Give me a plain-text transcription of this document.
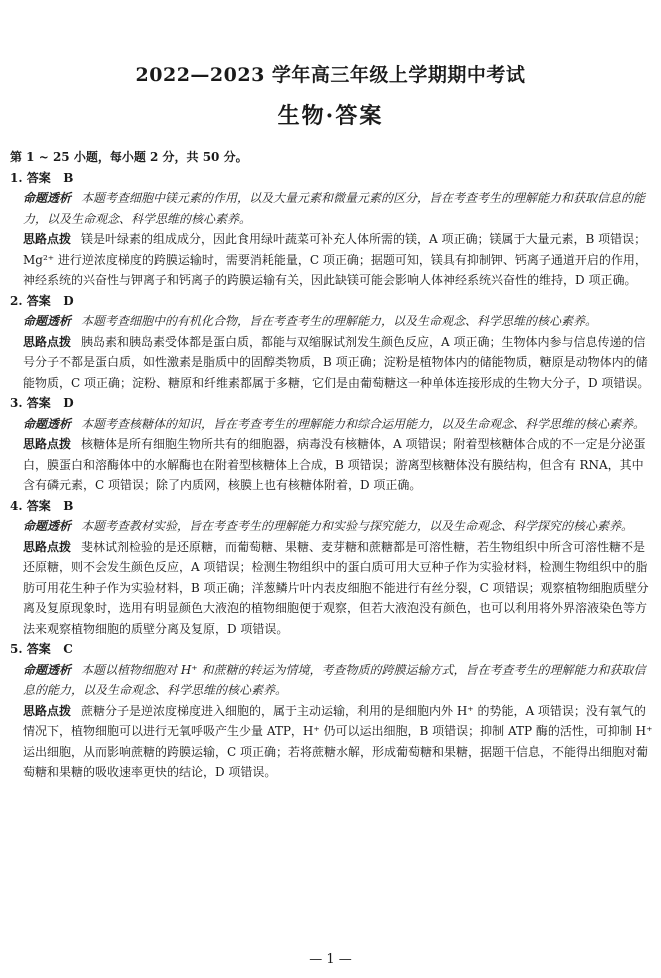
2022—2023 学年高三年级上学期期中考试
生物·答案

第 1 ~ 25 小题，每小题 2 分，共 50 分。

1. 答案 B

命题透析 本题考查细胞中镁元素的作用，以及大量元素和微量元素的区分，旨在考查考生的理解能力和获取信息的能力，以及生命观念、科学思维的核心素养。

思路点拨 镁是叶绿素的组成成分，因此食用绿叶蔬菜可补充人体所需的镁，A 项正确；镁属于大量元素，B 项错误；Mg²⁺ 进行逆浓度梯度的跨膜运输时，需要消耗能量，C 项正确；据题可知，镁具有抑制钾、钙离子通道开启的作用，神经系统的兴奋性与钾离子和钙离子的跨膜运输有关，因此缺镁可能会影响人体神经系统兴奋性的维持，D 项正确。

2. 答案 D

命题透析 本题考查细胞中的有机化合物，旨在考查考生的理解能力，以及生命观念、科学思维的核心素养。

思路点拨 胰岛素和胰岛素受体都是蛋白质，都能与双缩脲试剂发生颜色反应，A 项正确；生物体内参与信息传递的信号分子不都是蛋白质，如性激素是脂质中的固醇类物质，B 项正确；淀粉是植物体内的储能物质，糖原是动物体内的储能物质，C 项正确；淀粉、糖原和纤维素都属于多糖，它们是由葡萄糖这一种单体连接形成的生物大分子，D 项错误。

3. 答案 D

命题透析 本题考查核糖体的知识，旨在考查考生的理解能力和综合运用能力，以及生命观念、科学思维的核心素养。

思路点拨 核糖体是所有细胞生物所共有的细胞器，病毒没有核糖体，A 项错误；附着型核糖体合成的不一定是分泌蛋白，膜蛋白和溶酶体中的水解酶也在附着型核糖体上合成，B 项错误；游离型核糖体没有膜结构，但含有 RNA，其中含有磷元素，C 项错误；除了内质网，核膜上也有核糖体附着，D 项正确。

4. 答案 B

命题透析 本题考查教材实验，旨在考查考生的理解能力和实验与探究能力，以及生命观念、科学探究的核心素养。

思路点拨 斐林试剂检验的是还原糖，而葡萄糖、果糖、麦芽糖和蔗糖都是可溶性糖，若生物组织中所含可溶性糖不是还原糖，则不会发生颜色反应，A 项错误；检测生物组织中的蛋白质可用大豆种子作为实验材料，检测生物组织中的脂肪可用花生种子作为实验材料，B 项正确；洋葱鳞片叶内表皮细胞不能进行有丝分裂，C 项错误；观察植物细胞质壁分离及复原现象时，选用有明显颜色大液泡的植物细胞便于观察，但若大液泡没有颜色，也可以利用将外界溶液染色等方法来观察植物细胞的质壁分离及复原，D 项错误。

5. 答案 C

命题透析 本题以植物细胞对 H⁺ 和蔗糖的转运为情境，考查物质的跨膜运输方式，旨在考查考生的理解能力和获取信息的能力，以及生命观念、科学思维的核心素养。

思路点拨 蔗糖分子是逆浓度梯度进入细胞的，属于主动运输，利用的是细胞内外 H⁺ 的势能，A 项错误；没有氧气的情况下，植物细胞可以进行无氧呼吸产生少量 ATP，H⁺ 仍可以运出细胞，B 项错误；抑制 ATP 酶的活性，可抑制 H⁺ 运出细胞，从而影响蔗糖的跨膜运输，C 项正确；若将蔗糖水解，形成葡萄糖和果糖，据题干信息，不能得出细胞对葡萄糖和果糖的吸收速率更快的结论，D 项错误。

— 1 —
